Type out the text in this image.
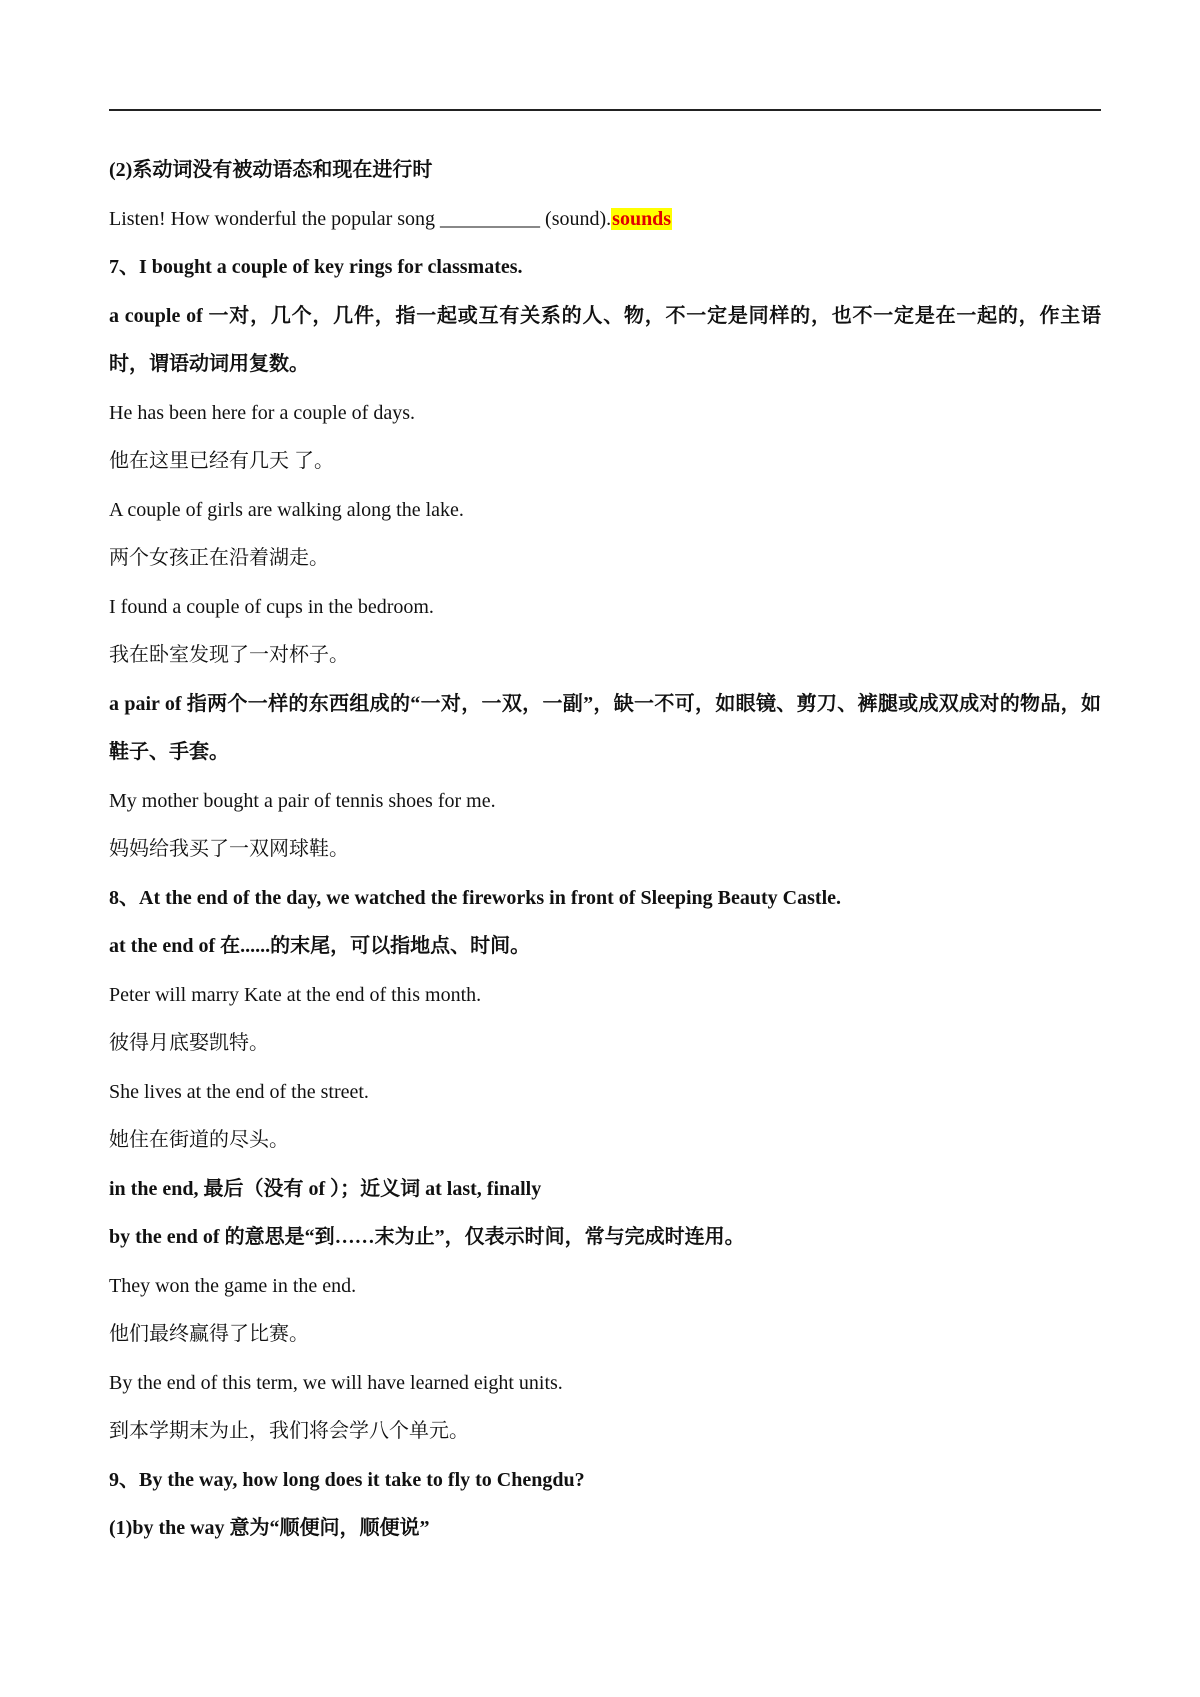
(2)系动词没有被动语态和现在进行时

Listen! How wonderful the popular song __________ (sound).sounds

7、I bought a couple of key rings for classmates.

a couple of 一对，几个，几件，指一起或互有关系的人、物，不一定是同样的，也不一定是在一起的，作主语时，谓语动词用复数。

He has been here for a couple of days.

他在这里已经有几天 了。

A couple of girls are walking along the lake.

两个女孩正在沿着湖走。

I found a couple of cups in the bedroom.

我在卧室发现了一对杯子。

a pair of 指两个一样的东西组成的“一对，一双，一副”，缺一不可，如眼镜、剪刀、裤腿或成双成对的物品，如鞋子、手套。

My mother bought a pair of tennis shoes for me.

妈妈给我买了一双网球鞋。

8、At the end of the day, we watched the fireworks in front of Sleeping Beauty Castle.

at the end of 在......的末尾，可以指地点、时间。

Peter will marry Kate at the end of this month.

彼得月底娶凯特。

She lives at the end of the street.

她住在街道的尽头。

in the end, 最后（没有 of ）；近义词 at last, finally

by the end of 的意思是“到……末为止”，仅表示时间，常与完成时连用。

They won the game in the end.

他们最终赢得了比赛。

By the end of this term, we will have learned eight units.

到本学期末为止，我们将会学八个单元。

9、By the way, how long does it take to fly to Chengdu?

(1)by the way 意为“顺便问，顺便说”
